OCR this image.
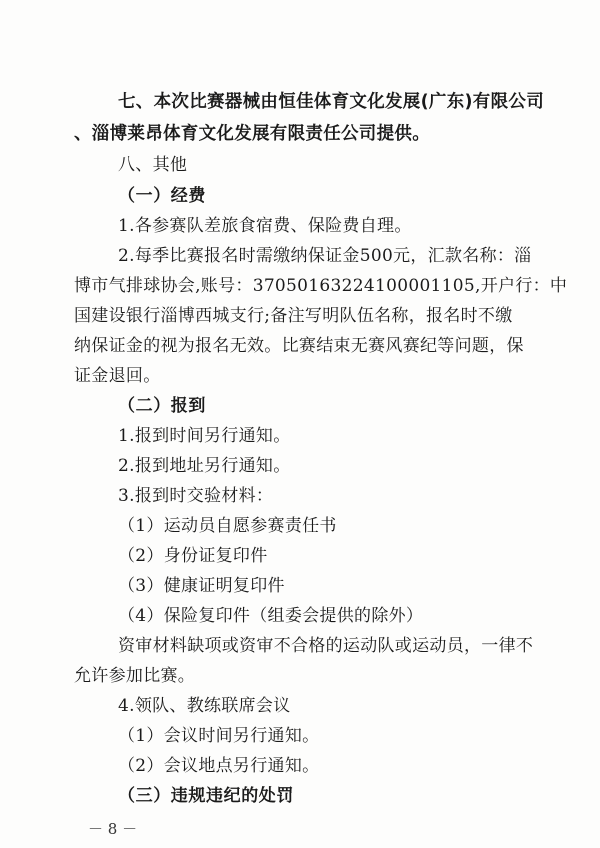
七、本次比赛器械由恒佳体育文化发展(广东)有限公司
、淄博莱昂体育文化发展有限责任公司提供。
八、其他
（一）经费
1.各参赛队差旅食宿费、保险费自理。
2.每季比赛报名时需缴纳保证金500元，汇款名称：淄
博市气排球协会,账号：37050163224100001105,开户行：中
国建设银行淄博西城支行;备注写明队伍名称，报名时不缴
纳保证金的视为报名无效。比赛结束无赛风赛纪等问题，保
证金退回。
（二）报到
1.报到时间另行通知。
2.报到地址另行通知。
3.报到时交验材料：
（1）运动员自愿参赛责任书
（2）身份证复印件
（3）健康证明复印件
（4）保险复印件（组委会提供的除外）
资审材料缺项或资审不合格的运动队或运动员，一律不
允许参加比赛。
4.领队、教练联席会议
（1）会议时间另行通知。
（2）会议地点另行通知。
（三）违规违纪的处罚
－ 8 －
